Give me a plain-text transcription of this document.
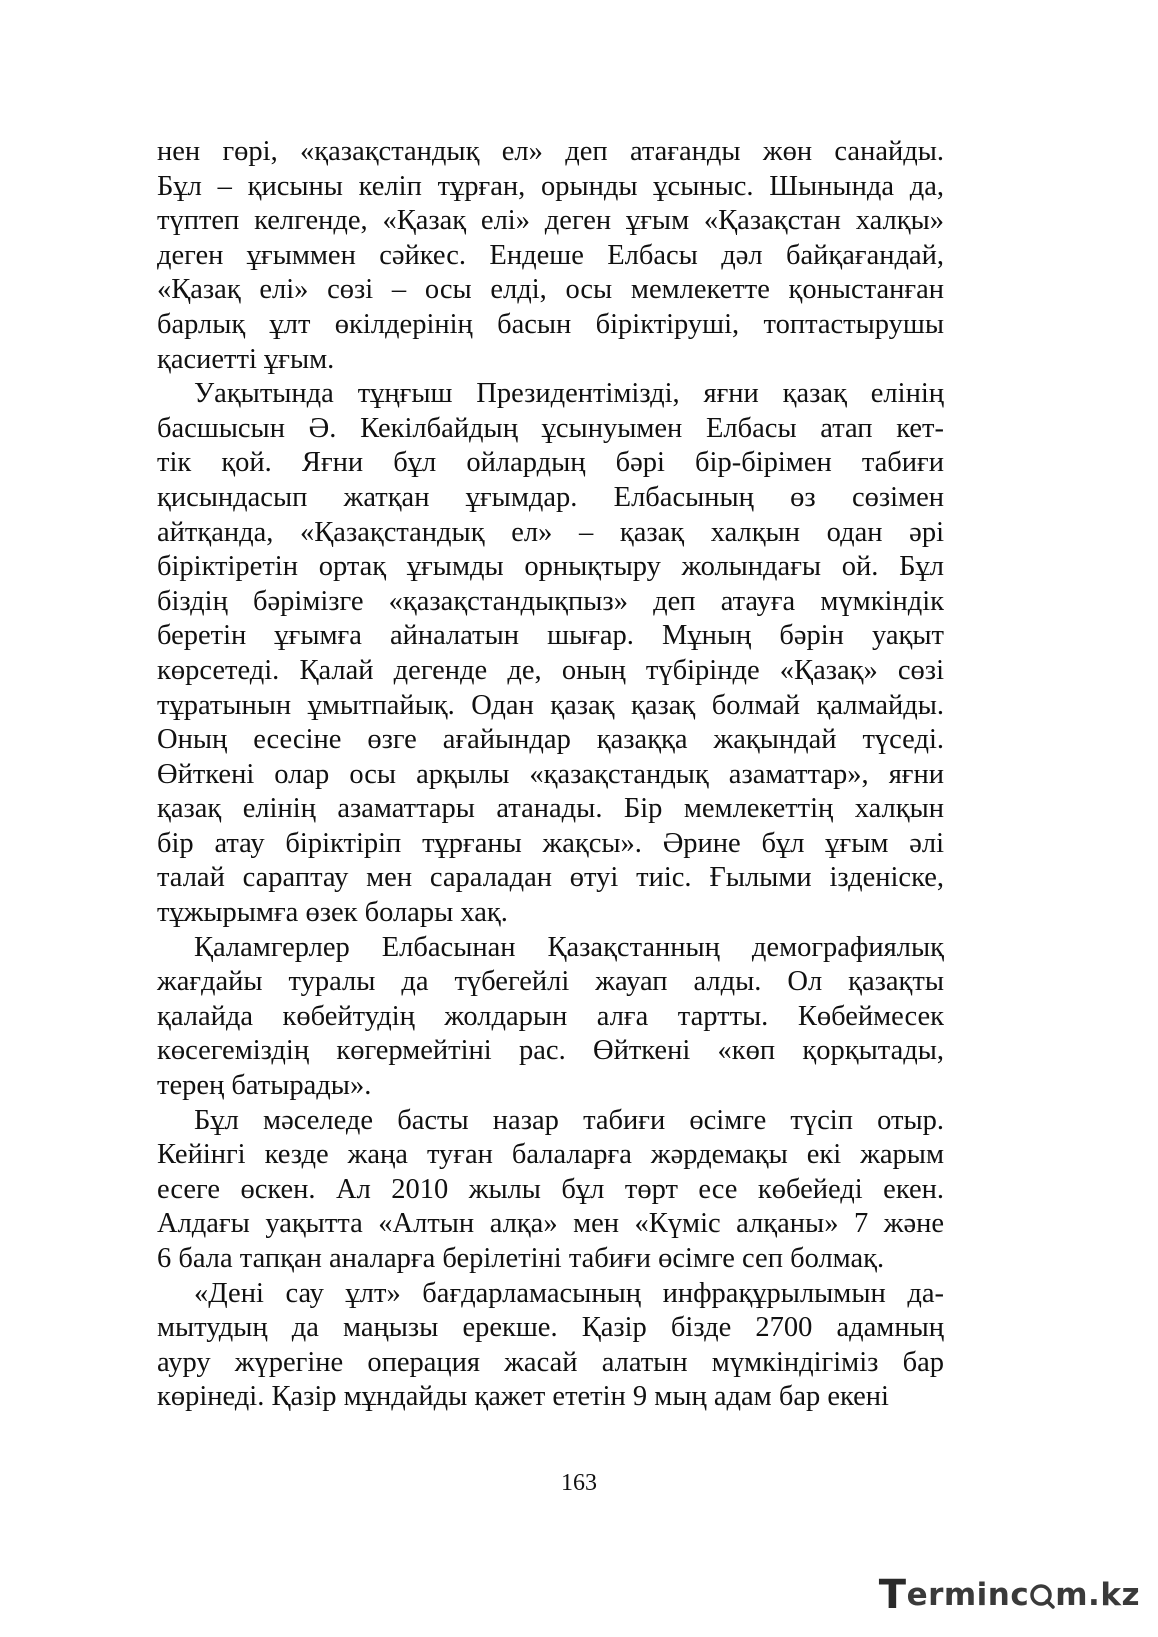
нен гөрі, «қазақстандық ел» деп атағанды жөн санайды.
Бұл – қисыны келіп тұрған, орынды ұсыныс. Шынында да,
түптеп келгенде, «Қазақ елі» деген ұғым «Қазақстан халқы»
деген ұғыммен сәйкес. Ендеше Елбасы дәл байқағандай,
«Қазақ елі» сөзі – осы елді, осы мемлекетте қоныстанған
барлық ұлт өкілдерінің басын біріктіруші, топтастырушы
қасиетті ұғым.
Уақытында тұңғыш Президентімізді, яғни қазақ елінің
басшысын Ә. Кекілбайдың ұсынуымен Елбасы атап кет-
тік қой. Яғни бұл ойлардың бәрі бір-бірімен табиғи
қисындасып жатқан ұғымдар. Елбасының өз сөзімен
айтқанда, «Қазақстандық ел» – қазақ халқын одан әрі
біріктіретін ортақ ұғымды орнықтыру жолындағы ой. Бұл
біздің бәрімізге «қазақстандықпыз» деп атауға мүмкіндік
беретін ұғымға айналатын шығар. Мұның бәрін уақыт
көрсетеді. Қалай дегенде де, оның түбірінде «Қазақ» сөзі
тұратынын ұмытпайық. Одан қазақ қазақ болмай қалмайды.
Оның есесіне өзге ағайындар қазаққа жақындай түседі.
Өйткені олар осы арқылы «қазақстандық азаматтар», яғни
қазақ елінің азаматтары атанады. Бір мемлекеттің халқын
бір атау біріктіріп тұрғаны жақсы». Әрине бұл ұғым әлі
талай сараптау мен сараладан өтуі тиіс. Ғылыми ізденіске,
тұжырымға өзек болары хақ.
Қаламгерлер Елбасынан Қазақстанның демографиялық
жағдайы туралы да түбегейлі жауап алды. Ол қазақты
қалайда көбейтудің жолдарын алға тартты. Көбеймесек
көсегеміздің көгермейтіні рас. Өйткені «көп қорқытады,
терең батырады».
Бұл мәселеде басты назар табиғи өсімге түсіп отыр.
Кейінгі кезде жаңа туған балаларға жәрдемақы екі жарым
есеге өскен. Ал 2010 жылы бұл төрт есе көбейеді екен.
Алдағы уақытта «Алтын алқа» мен «Күміс алқаны» 7 және
6 бала тапқан аналарға берілетіні табиғи өсімге сеп болмақ.
«Дені сау ұлт» бағдарламасының инфрақұрылымын да-
мытудың да маңызы ерекше. Қазір бізде 2700 адамның
ауру жүрегіне операция жасай алатын мүмкіндігіміз бар
көрінеді. Қазір мұндайды қажет ететін 9 мың адам бар екені
163
T erminc m.kz
